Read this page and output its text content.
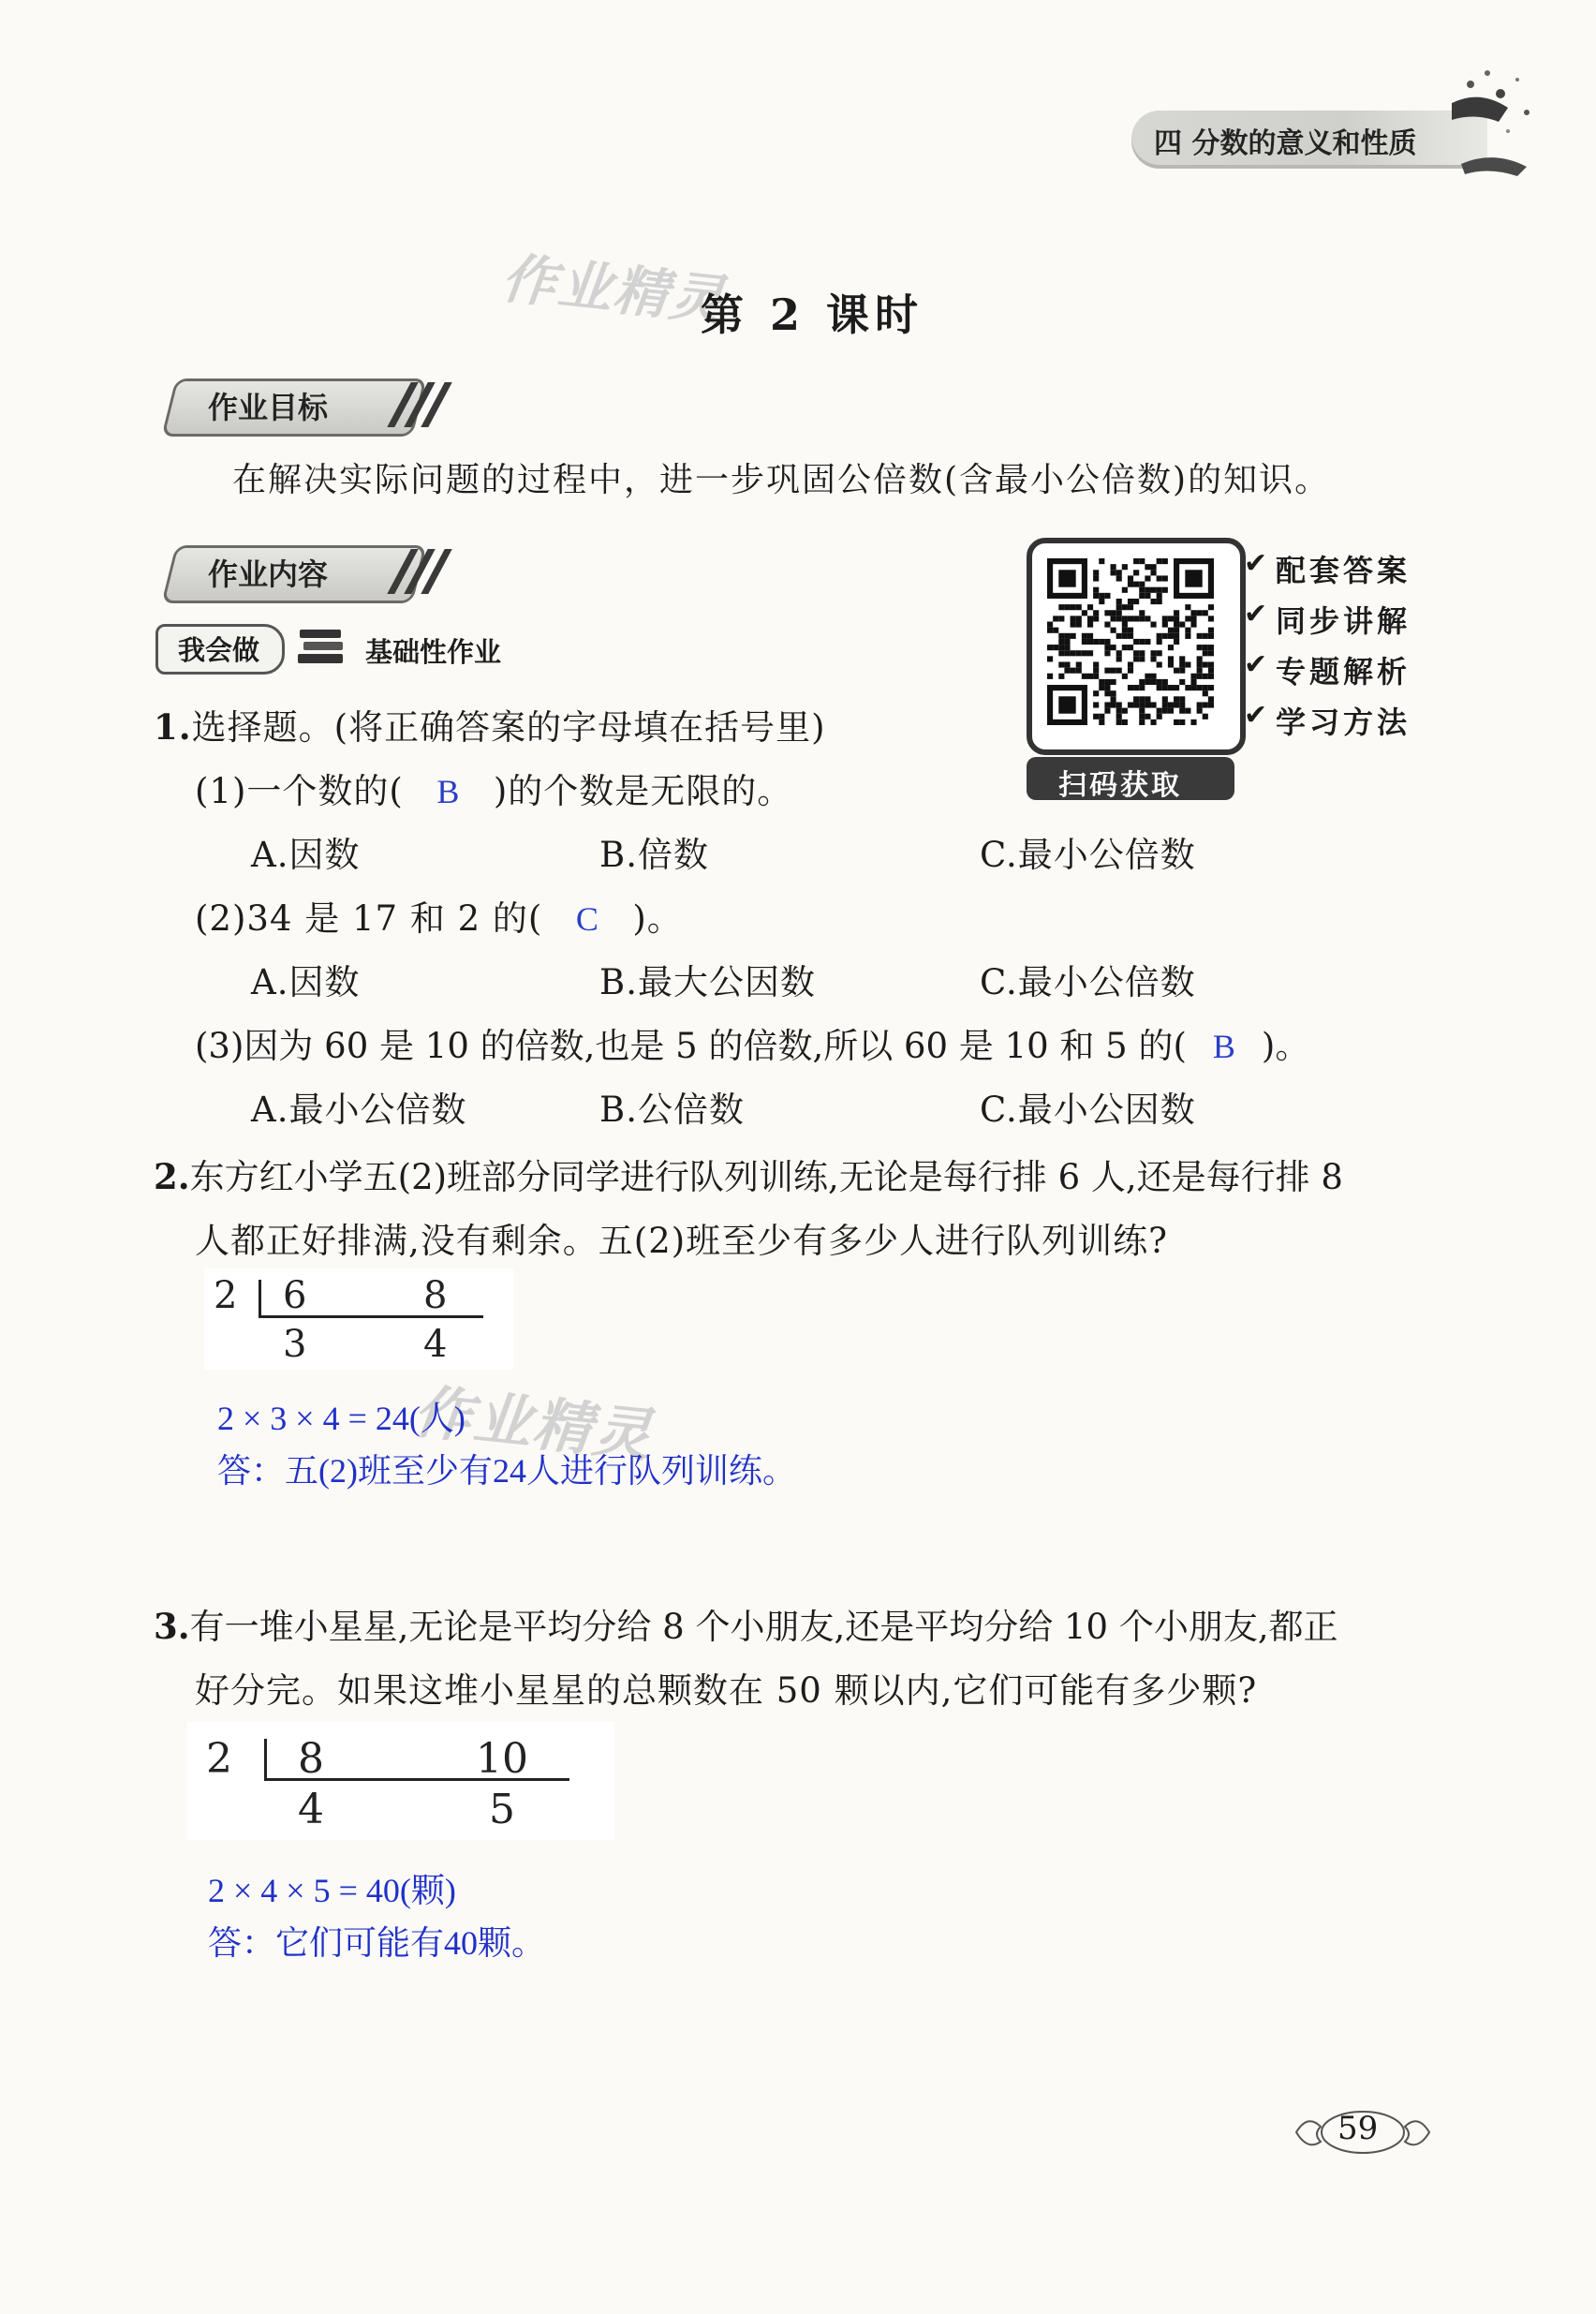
四 分数的意义和性质
作业精灵
作业精灵
第 2 课时
作业目标
在解决实际问题的过程中，进一步巩固公倍数(含最小公倍数)的知识。
作业内容
我会做	基础性作业
扫码获取
✔ 配套答案
✔ 同步讲解
✔ 专题解析
✔ 学习方法
1.选择题。(将正确答案的字母填在括号里)
(1)一个数的( B )的个数是无限的。
A.因数	B.倍数	C.最小公倍数
(2)34 是 17 和 2 的( C )。
A.因数	B.最大公因数	C.最小公倍数
(3)因为 60 是 10 的倍数,也是 5 的倍数,所以 60 是 10 和 5 的( B )。
A.最小公倍数	B.公倍数	C.最小公因数
2.东方红小学五(2)班部分同学进行队列训练,无论是每行排 6 人,还是每行排 8
人都正好排满,没有剩余。五(2)班至少有多少人进行队列训练?
2 6	8
3	4
2 × 3 × 4 = 24(人)
答：五(2)班至少有24人进行队列训练。
3.有一堆小星星,无论是平均分给 8 个小朋友,还是平均分给 10 个小朋友,都正
好分完。如果这堆小星星的总颗数在 50 颗以内,它们可能有多少颗?
2 8	10
4	5
2 × 4 × 5 = 40(颗)
答：它们可能有40颗。
59
